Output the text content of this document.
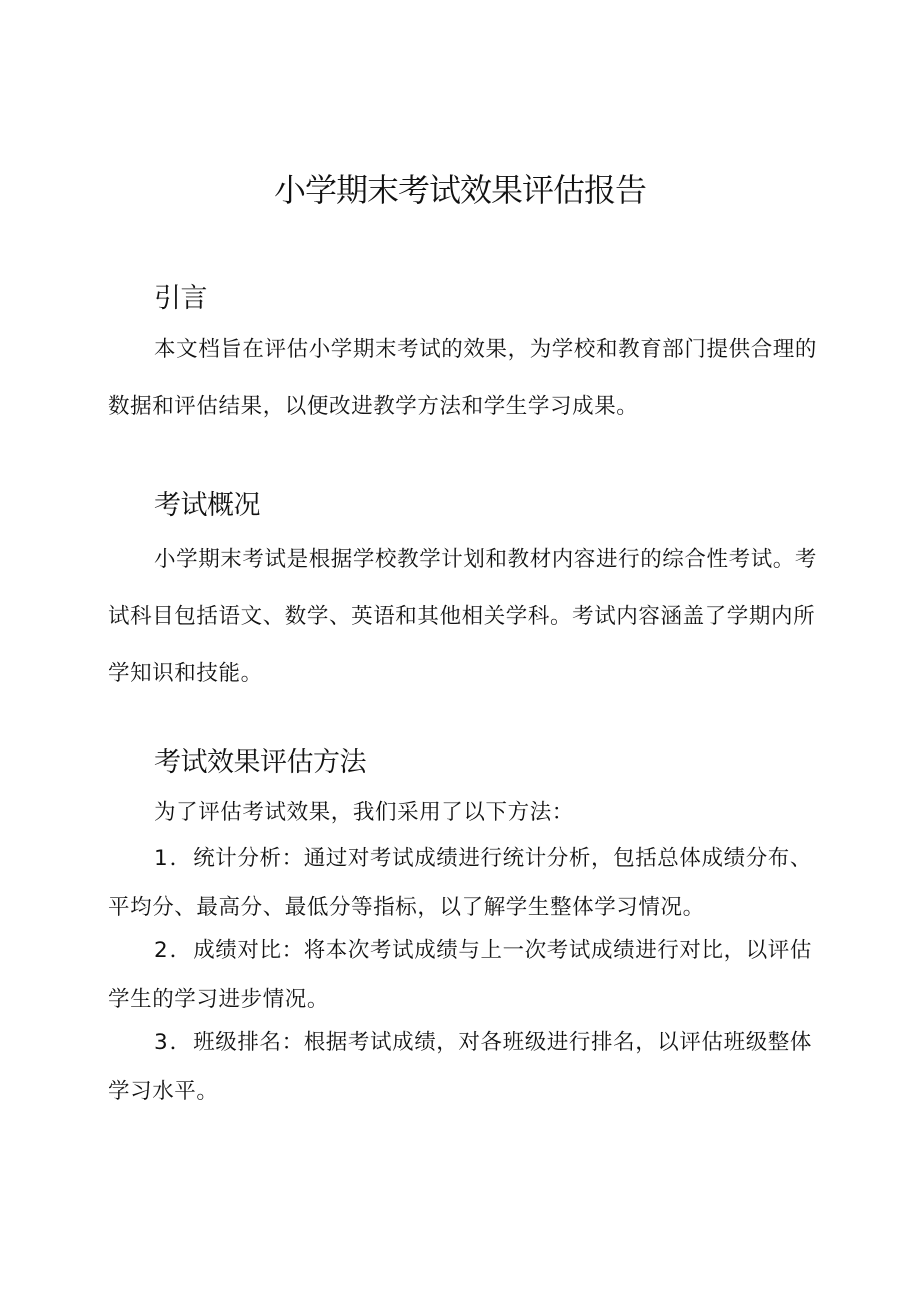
小学期末考试效果评估报告
引言

本文档旨在评估小学期末考试的效果，为学校和教育部门提供合理的数据和评估结果，以便改进教学方法和学生学习成果。

考试概况

小学期末考试是根据学校教学计划和教材内容进行的综合性考试。考试科目包括语文、数学、英语和其他相关学科。考试内容涵盖了学期内所学知识和技能。

考试效果评估方法

为了评估考试效果，我们采用了以下方法：

1．统计分析：通过对考试成绩进行统计分析，包括总体成绩分布、平均分、最高分、最低分等指标，以了解学生整体学习情况。

2．成绩对比：将本次考试成绩与上一次考试成绩进行对比，以评估学生的学习进步情况。

3．班级排名：根据考试成绩，对各班级进行排名，以评估班级整体学习水平。
